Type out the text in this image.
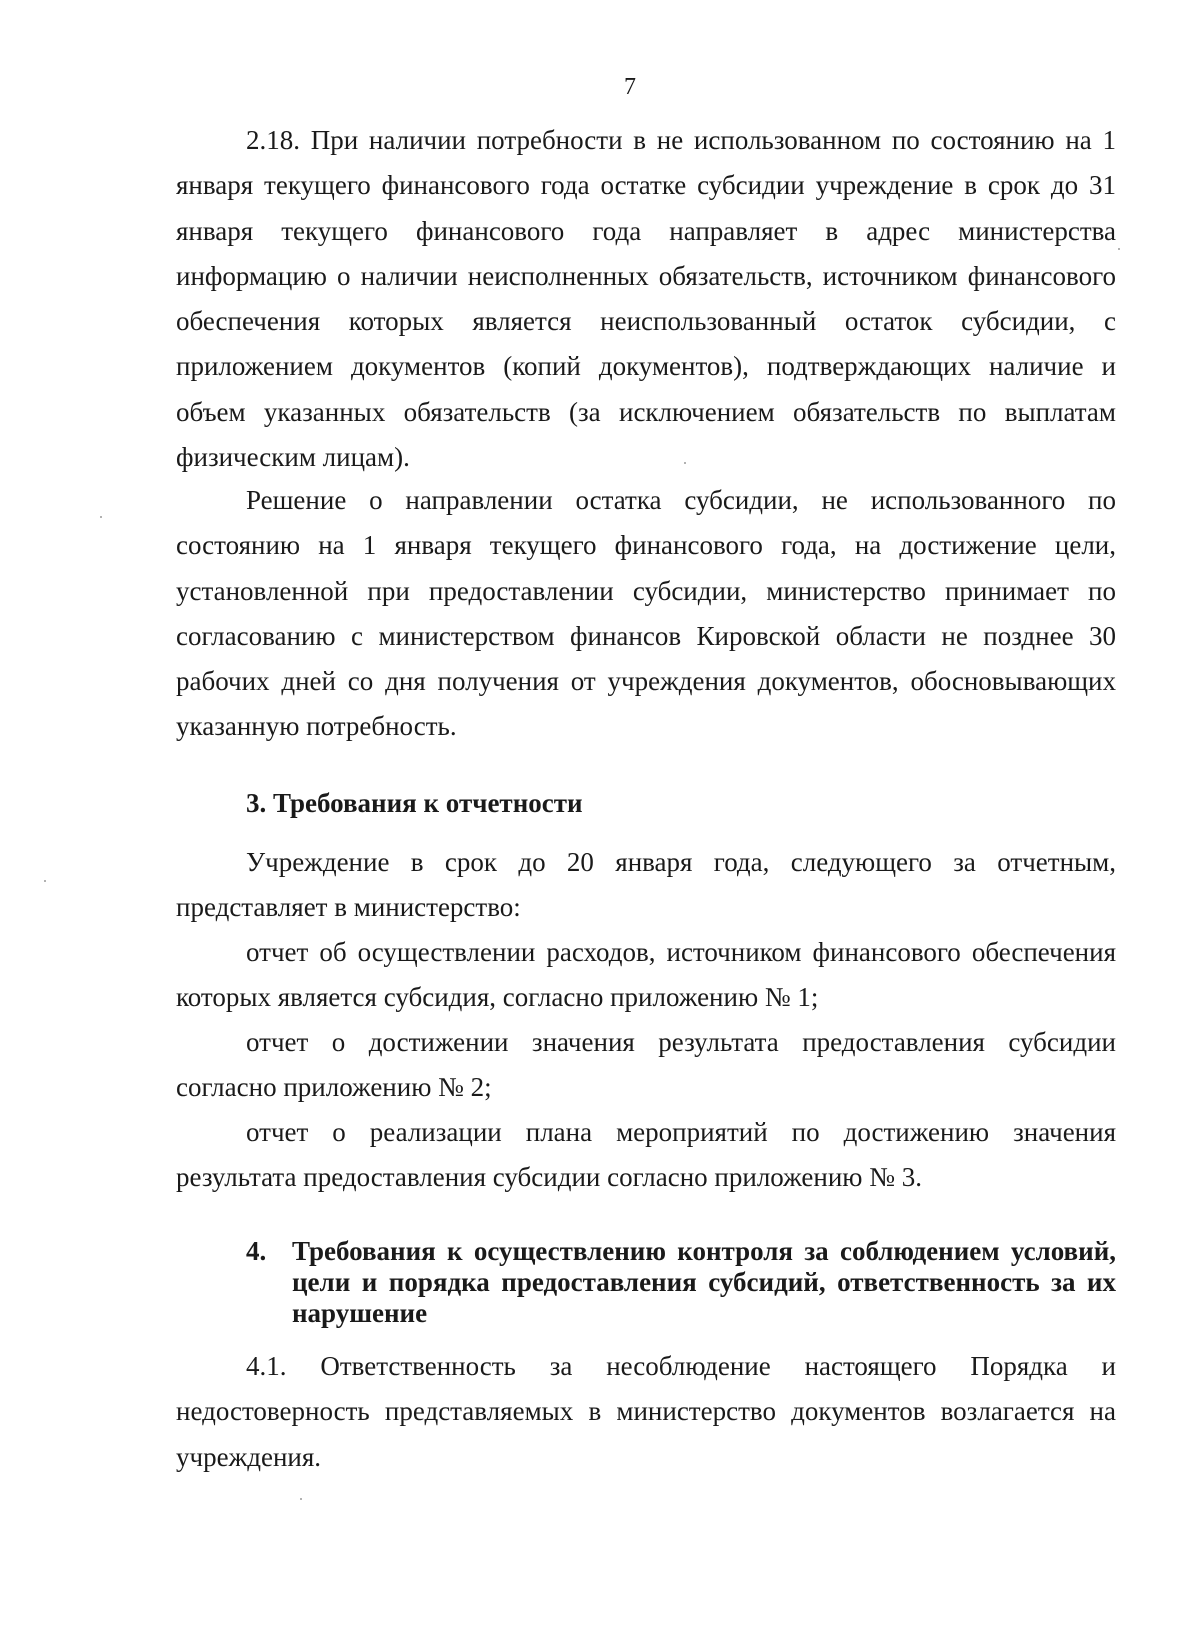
7
2.18. При наличии потребности в не использованном по состоянию на 1 января текущего финансового года остатке субсидии учреждение в срок до 31 января текущего финансового года направляет в адрес министерства информацию о наличии неисполненных обязательств, источником финансового обеспечения которых является неиспользованный остаток субсидии, с приложением документов (копий документов), подтверждающих наличие и объем указанных обязательств (за исключением обязательств по выплатам физическим лицам).
Решение о направлении остатка субсидии, не использованного по состоянию на 1 января текущего финансового года, на достижение цели, установленной при предоставлении субсидии, министерство принимает по согласованию с министерством финансов Кировской области не позднее 30 рабочих дней со дня получения от учреждения документов, обосновывающих указанную потребность.
3. Требования к отчетности
Учреждение в срок до 20 января года, следующего за отчетным, представляет в министерство:
отчет об осуществлении расходов, источником финансового обеспечения которых является субсидия, согласно приложению № 1;
отчет о достижении значения результата предоставления субсидии согласно приложению № 2;
отчет о реализации плана мероприятий по достижению значения результата предоставления субсидии согласно приложению № 3.
4. Требования к осуществлению контроля за соблюдением условий, цели и порядка предоставления субсидий, ответственность за их нарушение
4.1. Ответственность за несоблюдение настоящего Порядка и недостоверность представляемых в министерство документов возлагается на учреждения.
